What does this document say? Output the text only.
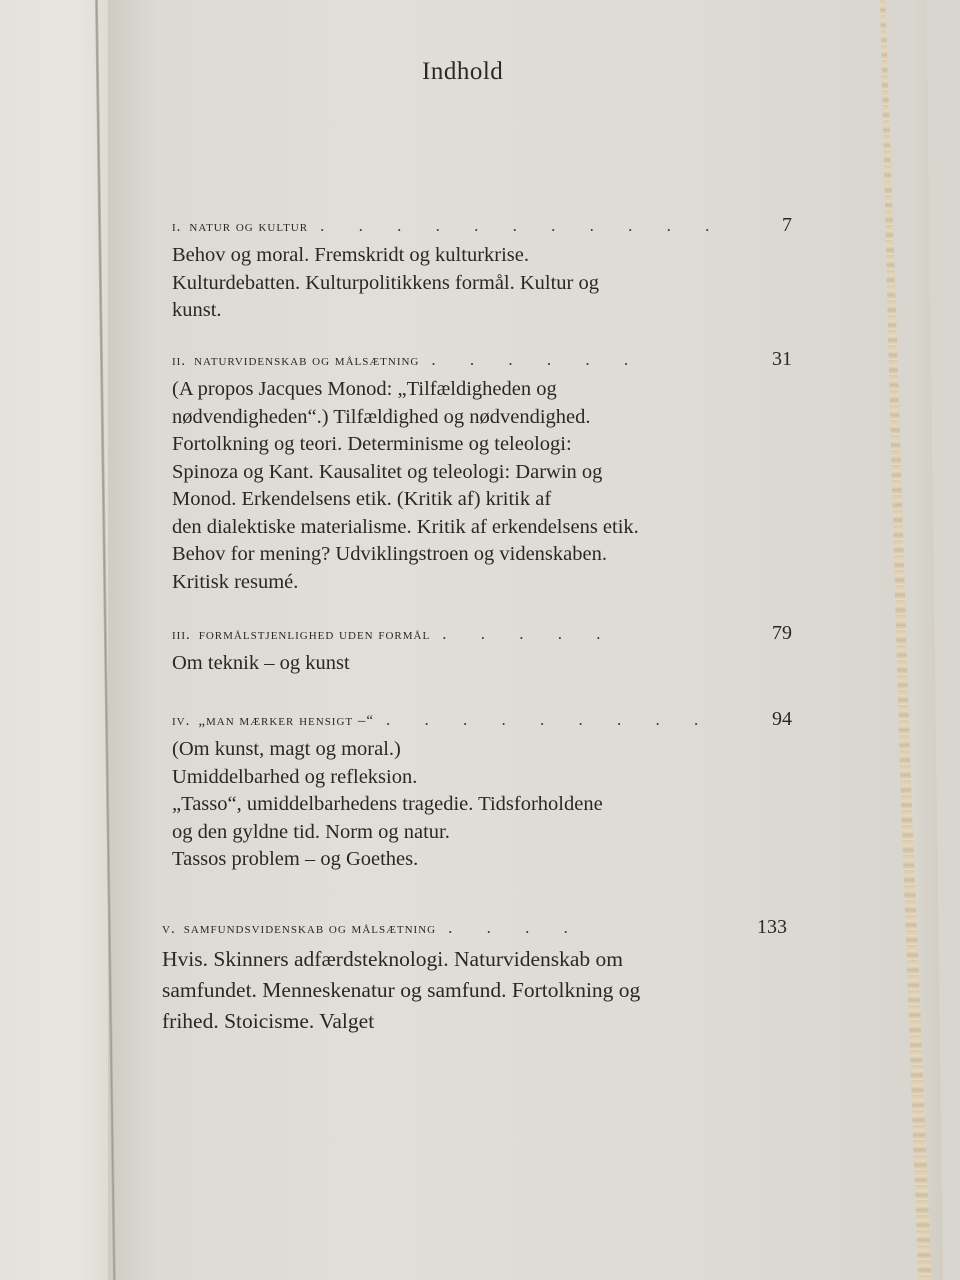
Indhold
i. natur og kultur . . . . . . . . . . .	7
Behov og moral. Fremskridt og kulturkrise.
Kulturdebatten. Kulturpolitikkens formål. Kultur og
kunst.
ii. naturvidenskab og målsætning . . . . . .	31
(A propos Jacques Monod: „Tilfældigheden og
nødvendigheden“.) Tilfældighed og nødvendighed.
Fortolkning og teori. Determinisme og teleologi:
Spinoza og Kant. Kausalitet og teleologi: Darwin og
Monod. Erkendelsens etik. (Kritik af) kritik af
den dialektiske materialisme. Kritik af erkendelsens etik.
Behov for mening? Udviklingstroen og videnskaben.
Kritisk resumé.
iii. formålstjenlighed uden formål . . . . .	79
Om teknik – og kunst
iv. „man mærker hensigt –“ . . . . . . . . .	94
(Om kunst, magt og moral.)
Umiddelbarhed og refleksion.
„Tasso“, umiddelbarhedens tragedie. Tidsforholdene
og den gyldne tid. Norm og natur.
Tassos problem – og Goethes.
v. samfundsvidenskab og målsætning . . . .	133
Hvis. Skinners adfærdsteknologi. Naturvidenskab om
samfundet. Menneskenatur og samfund. Fortolkning og
frihed. Stoicisme. Valget
